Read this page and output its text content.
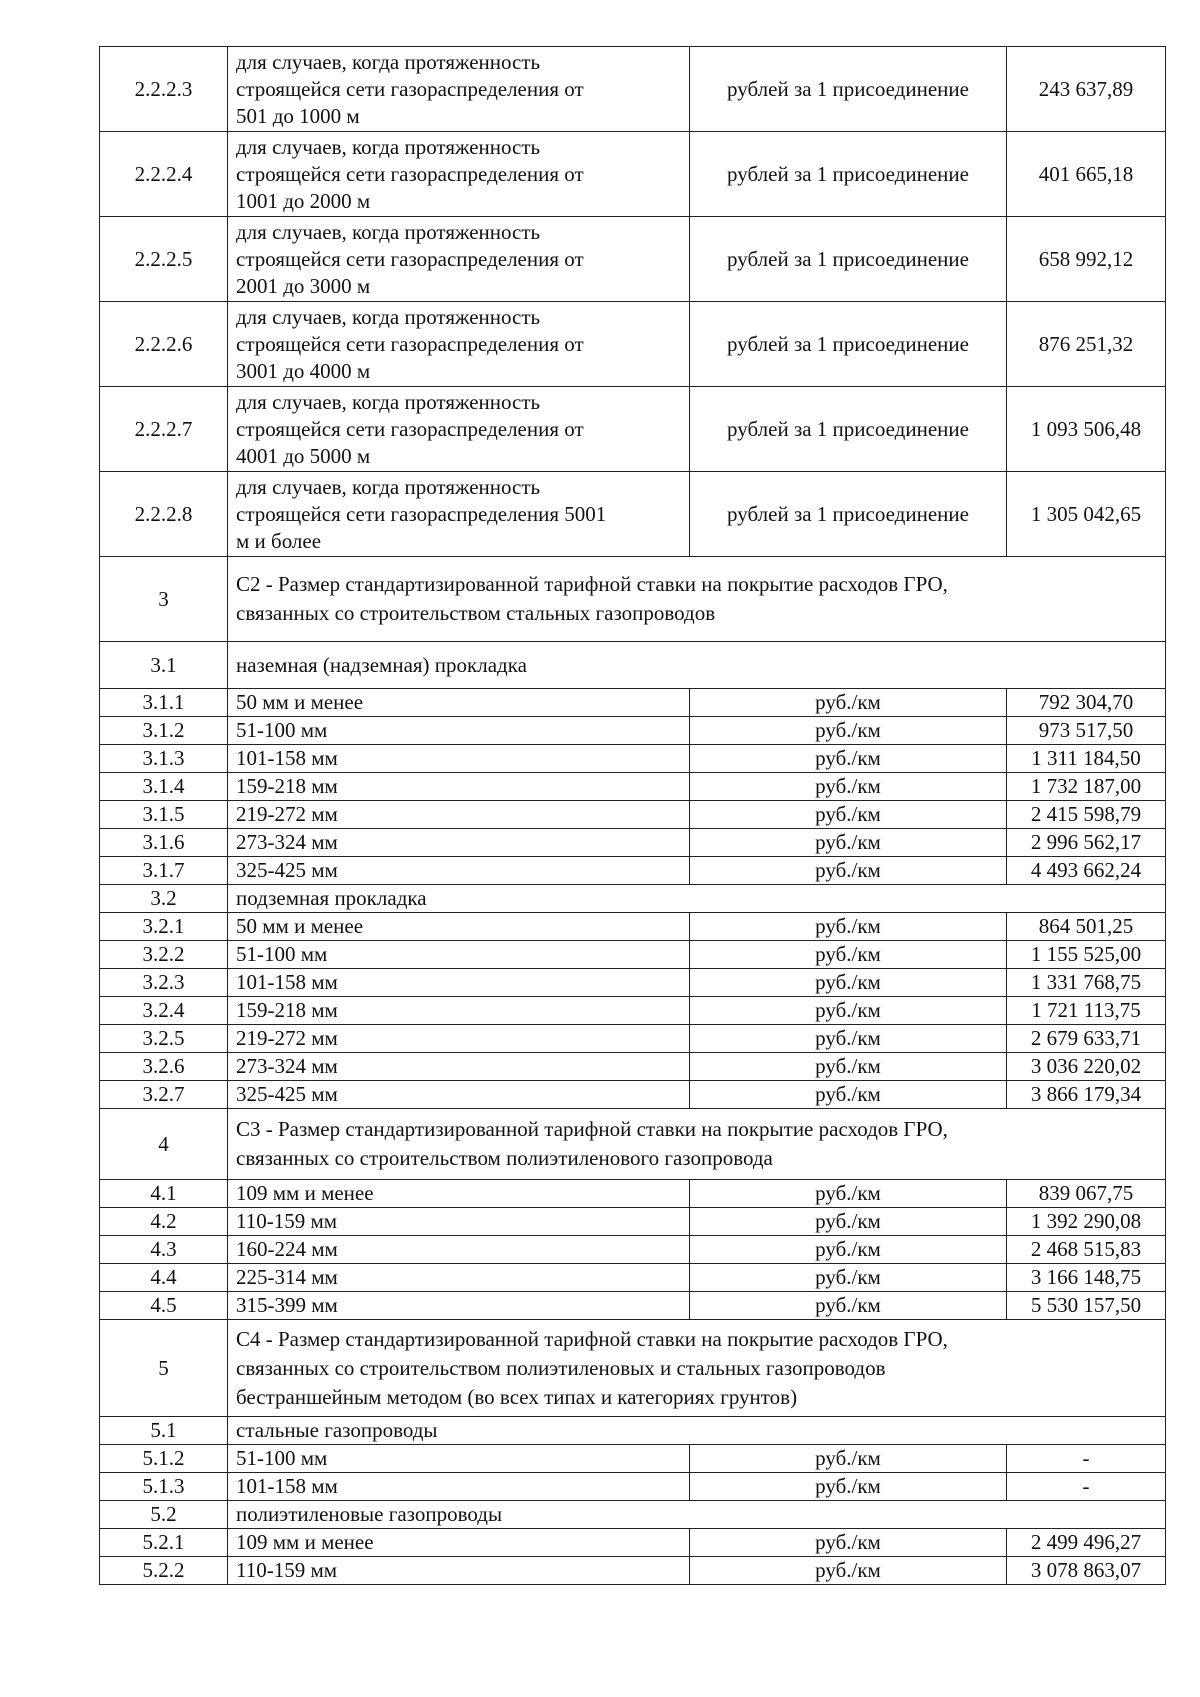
2.2.2.3	для случаев, когда протяженность
строящейся сети газораспределения от
501 до 1000 м	рублей за 1 присоединение	243 637,89
2.2.2.4	для случаев, когда протяженность
строящейся сети газораспределения от
1001 до 2000 м	рублей за 1 присоединение	401 665,18
2.2.2.5	для случаев, когда протяженность
строящейся сети газораспределения от
2001 до 3000 м	рублей за 1 присоединение	658 992,12
2.2.2.6	для случаев, когда протяженность
строящейся сети газораспределения от
3001 до 4000 м	рублей за 1 присоединение	876 251,32
2.2.2.7	для случаев, когда протяженность
строящейся сети газораспределения от
4001 до 5000 м	рублей за 1 присоединение	1 093 506,48
2.2.2.8	для случаев, когда протяженность
строящейся сети газораспределения 5001
м и более	рублей за 1 присоединение	1 305 042,65
3	С2 - Размер стандартизированной тарифной ставки на покрытие расходов ГРО,
связанных со строительством стальных газопроводов		

3.1	наземная (надземная) прокладка		
3.1.1	50 мм и менее	руб./км	792 304,70
3.1.2	51-100 мм	руб./км	973 517,50
3.1.3	101-158 мм	руб./км	1 311 184,50
3.1.4	159-218 мм	руб./км	1 732 187,00
3.1.5	219-272 мм	руб./км	2 415 598,79
3.1.6	273-324 мм	руб./км	2 996 562,17
3.1.7	325-425 мм	руб./км	4 493 662,24
3.2	подземная прокладка		
3.2.1	50 мм и менее	руб./км	864 501,25
3.2.2	51-100 мм	руб./км	1 155 525,00
3.2.3	101-158 мм	руб./км	1 331 768,75
3.2.4	159-218 мм	руб./км	1 721 113,75
3.2.5	219-272 мм	руб./км	2 679 633,71
3.2.6	273-324 мм	руб./км	3 036 220,02
3.2.7	325-425 мм	руб./км	3 866 179,34
4	С3 - Размер стандартизированной тарифной ставки на покрытие расходов ГРО,
связанных со строительством полиэтиленового газопровода		

4.1	109 мм и менее	руб./км	839 067,75
4.2	110-159 мм	руб./км	1 392 290,08
4.3	160-224 мм	руб./км	2 468 515,83
4.4	225-314 мм	руб./км	3 166 148,75
4.5	315-399 мм	руб./км	5 530 157,50
5	С4 - Размер стандартизированной тарифной ставки на покрытие расходов ГРО,
связанных со строительством полиэтиленовых и стальных газопроводов
бестраншейным методом (во всех типах и категориях грунтов)		

5.1	стальные газопроводы		
5.1.2	51-100 мм	руб./км	-
5.1.3	101-158 мм	руб./км	-
5.2	полиэтиленовые газопроводы		
5.2.1	109 мм и менее	руб./км	2 499 496,27
5.2.2	110-159 мм	руб./км	3 078 863,07
